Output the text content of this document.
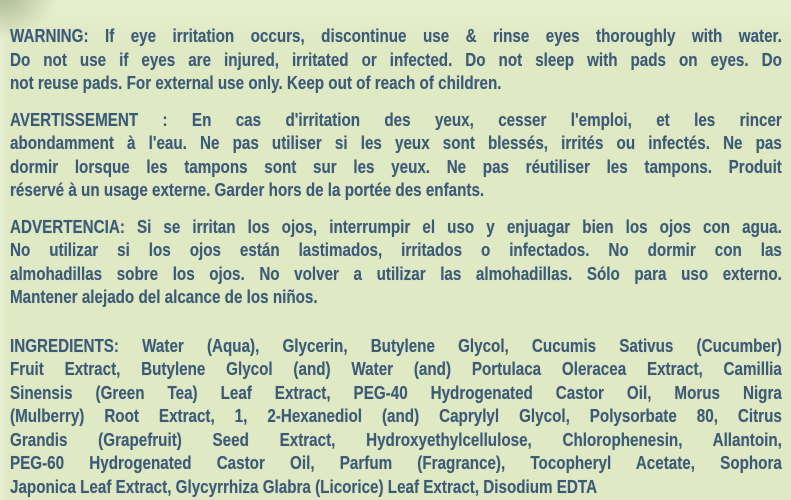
WARNING: If eye irritation occurs, discontinue use & rinse eyes thoroughly with water.

Do not use if eyes are injured, irritated or infected. Do not sleep with pads on eyes. Do

not reuse pads. For external use only. Keep out of reach of children.

AVERTISSEMENT : En cas d'irritation des yeux, cesser l'emploi, et les rincer

abondamment à l'eau. Ne pas utiliser si les yeux sont blessés, irrités ou infectés. Ne pas

dormir lorsque les tampons sont sur les yeux. Ne pas réutiliser les tampons. Produit

réservé à un usage externe. Garder hors de la portée des enfants.

ADVERTENCIA: Si se irritan los ojos, interrumpir el uso y enjuagar bien los ojos con agua.

No utilizar si los ojos están lastimados, irritados o infectados. No dormir con las

almohadillas sobre los ojos. No volver a utilizar las almohadillas. Sólo para uso externo.

Mantener alejado del alcance de los niños.

INGREDIENTS: Water (Aqua), Glycerin, Butylene Glycol, Cucumis Sativus (Cucumber)

Fruit Extract, Butylene Glycol (and) Water (and) Portulaca Oleracea Extract, Camillia

Sinensis (Green Tea) Leaf Extract, PEG-40 Hydrogenated Castor Oil, Morus Nigra

(Mulberry) Root Extract, 1, 2-Hexanediol (and) Caprylyl Glycol, Polysorbate 80, Citrus

Grandis (Grapefruit) Seed Extract, Hydroxyethylcellulose, Chlorophenesin, Allantoin,

PEG-60 Hydrogenated Castor Oil, Parfum (Fragrance), Tocopheryl Acetate, Sophora

Japonica Leaf Extract, Glycyrrhiza Glabra (Licorice) Leaf Extract, Disodium EDTA
